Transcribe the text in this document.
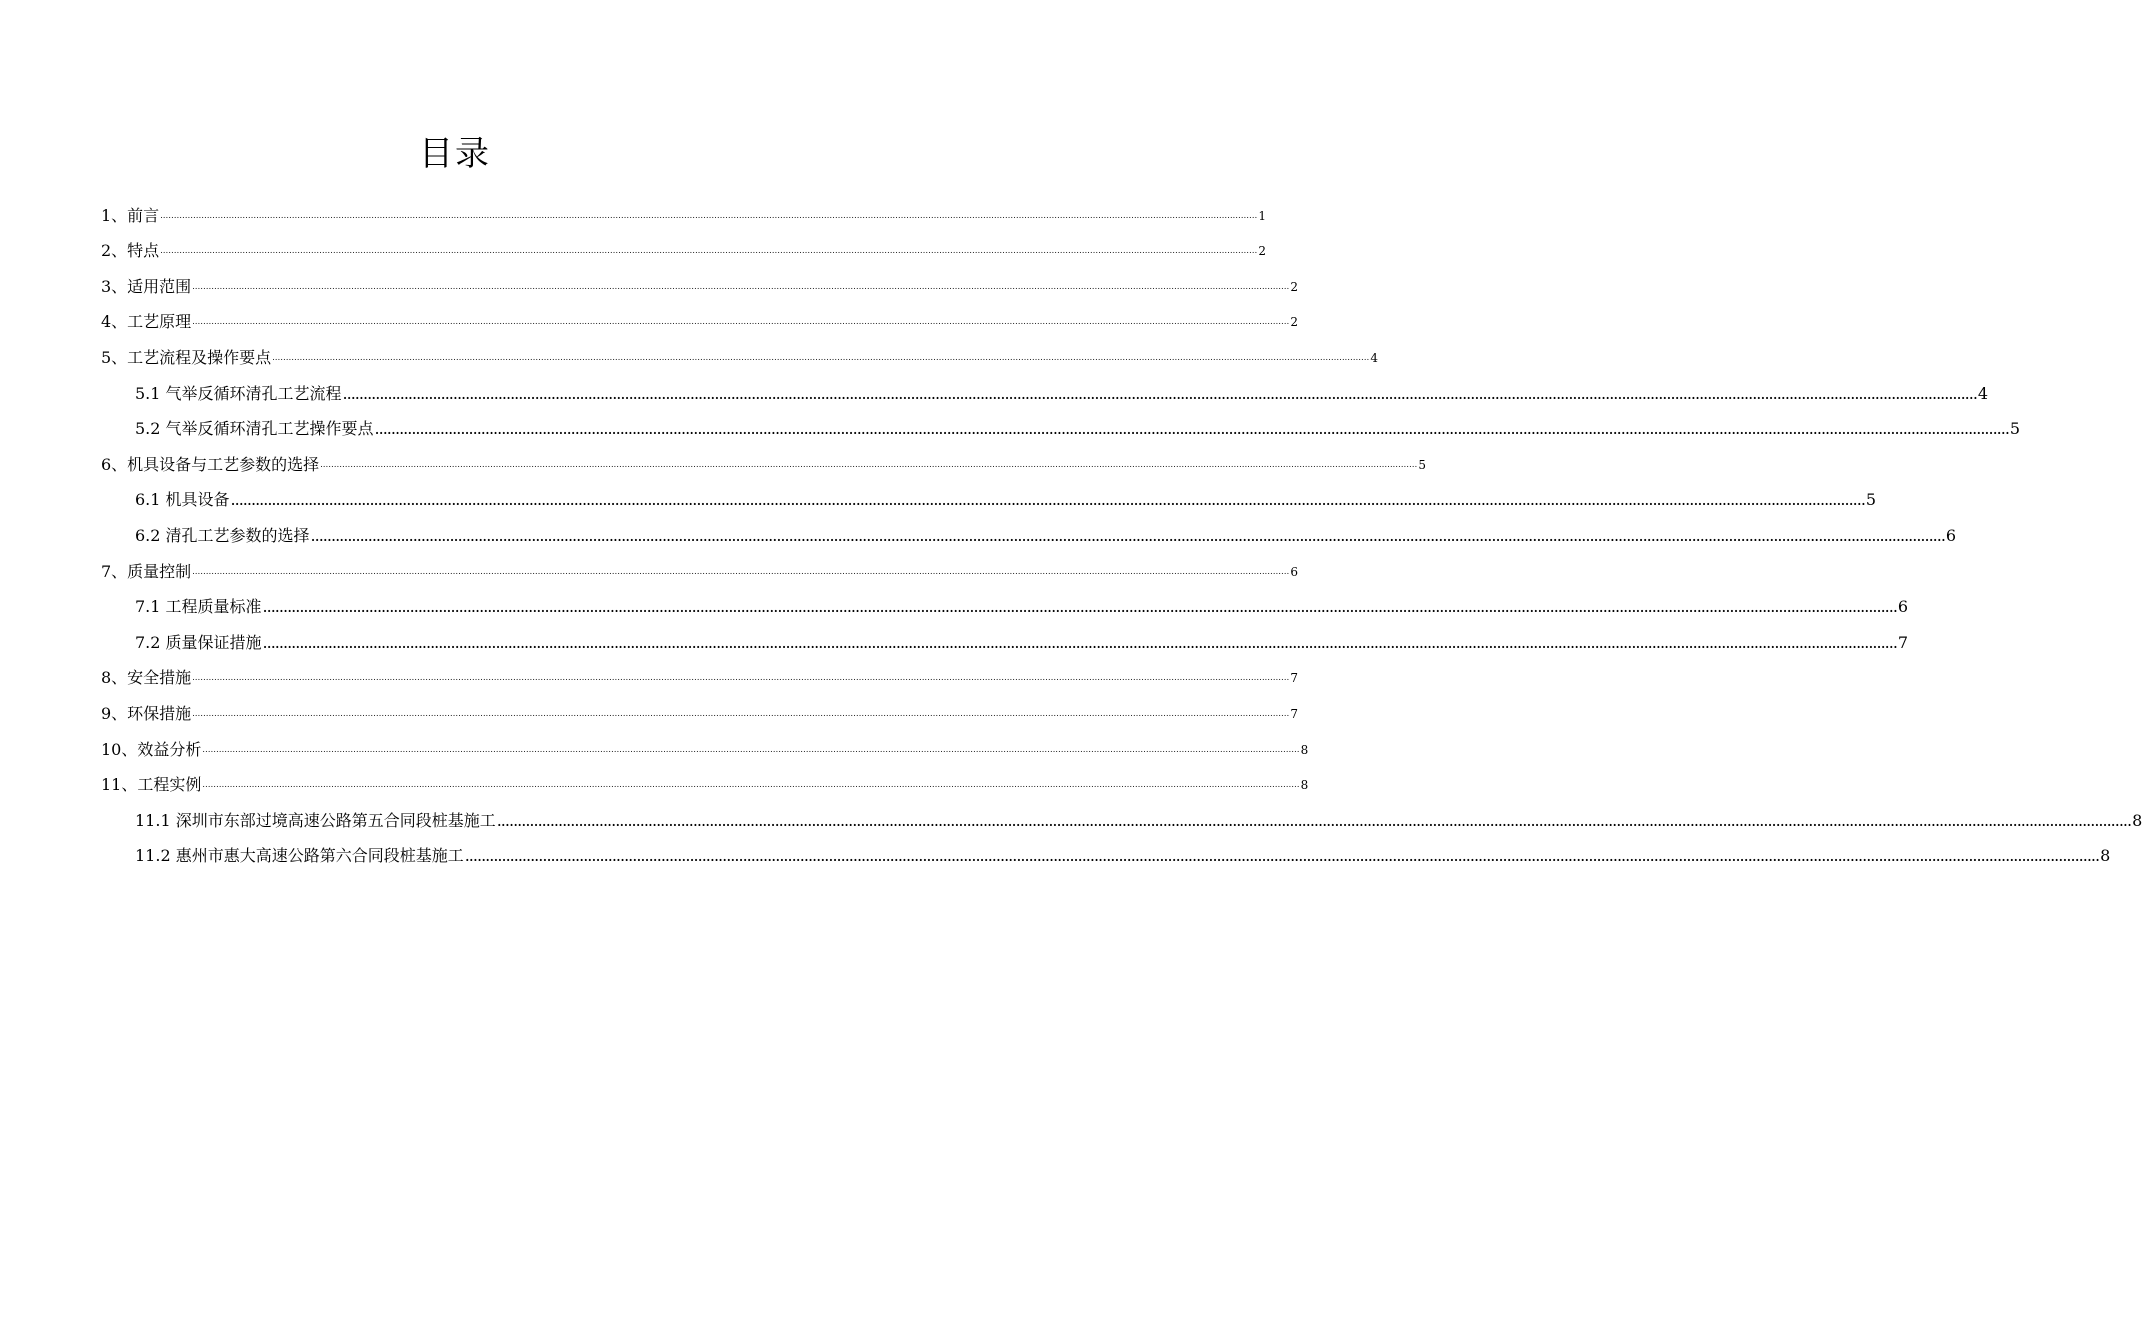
目录
1、前言 ................................................................................................................................................................................................................................................................................................................................................................................................................ 1
2、特点 ................................................................................................................................................................................................................................................................................................................................................................................................................ 2
3、适用范围 ................................................................................................................................................................................................................................................................................................................................................................................................................ 2
4、工艺原理 ................................................................................................................................................................................................................................................................................................................................................................................................................ 2
5、工艺流程及操作要点 ................................................................................................................................................................................................................................................................................................................................................................................................................ 4
5.1 气举反循环清孔工艺流程 ................................................................................................................................................................................................................................................................................................................................................................................................................ 4
5.2 气举反循环清孔工艺操作要点 ................................................................................................................................................................................................................................................................................................................................................................................................................ 5
6、机具设备与工艺参数的选择 ................................................................................................................................................................................................................................................................................................................................................................................................................ 5
6.1 机具设备 ................................................................................................................................................................................................................................................................................................................................................................................................................ 5
6.2 清孔工艺参数的选择 ................................................................................................................................................................................................................................................................................................................................................................................................................ 6
7、质量控制 ................................................................................................................................................................................................................................................................................................................................................................................................................ 6
7.1 工程质量标准 ................................................................................................................................................................................................................................................................................................................................................................................................................ 6
7.2 质量保证措施 ................................................................................................................................................................................................................................................................................................................................................................................................................ 7
8、安全措施 ................................................................................................................................................................................................................................................................................................................................................................................................................ 7
9、环保措施 ................................................................................................................................................................................................................................................................................................................................................................................................................ 7
10、效益分析 ................................................................................................................................................................................................................................................................................................................................................................................................................ 8
11、工程实例 ................................................................................................................................................................................................................................................................................................................................................................................................................ 8
11.1 深圳市东部过境高速公路第五合同段桩基施工 ................................................................................................................................................................................................................................................................................................................................................................................................................ 8
11.2 惠州市惠大高速公路第六合同段桩基施工 ................................................................................................................................................................................................................................................................................................................................................................................................................ 8
